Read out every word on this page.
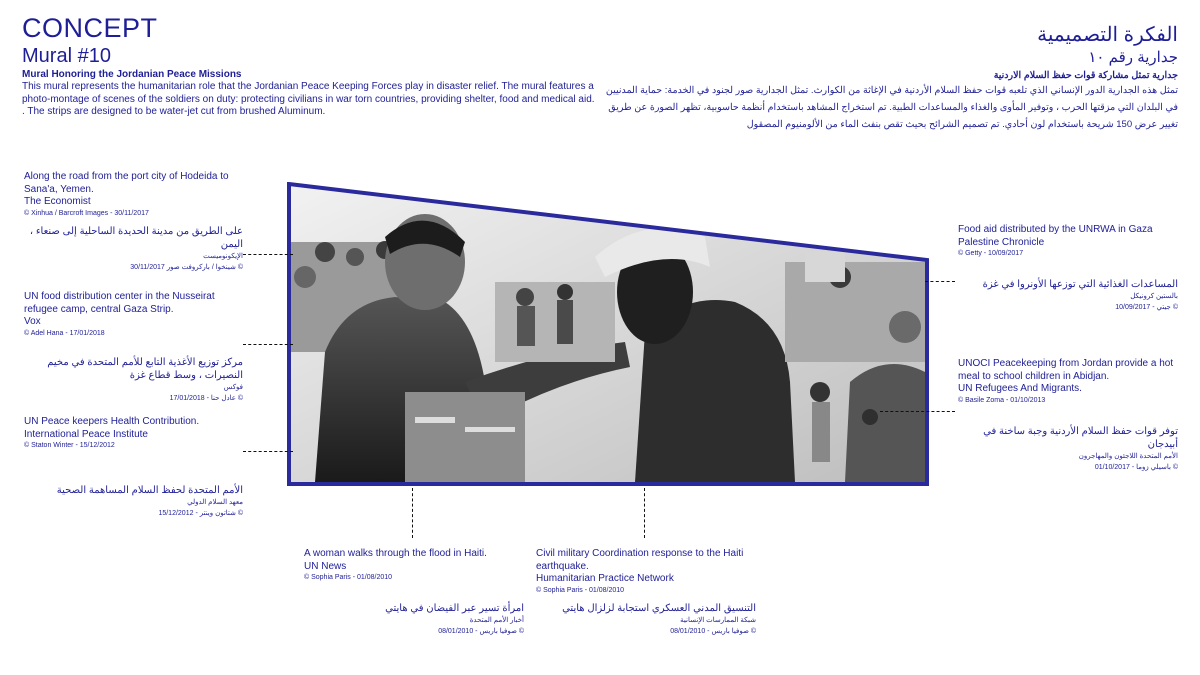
CONCEPT
Mural #10
Mural Honoring the Jordanian Peace Missions
This mural represents the humanitarian role that the Jordanian Peace Keeping Forces play in disaster relief. The mural features a photo-montage of scenes of the soldiers on duty: protecting civilians in war torn countries, providing shelter, food and medical aid. . The strips are designed to be water-jet cut from brushed Aluminum.
الفكرة التصميمية
جدارية رقم ١٠
جدارية تمثل مشاركة قوات حفظ السلام الاردنية
تمثل هذه الجدارية الدور الإنساني الذي تلعبه قوات حفظ السلام الأردنية في الإغاثة من الكوارث. تمثل الجدارية صور لجنود في الخدمة: حماية المدنيين في البلدان التي مزقتها الحرب ، وتوفير المأوى والغذاء والمساعدات الطبية. تم استخراج المشاهد باستخدام أنظمة حاسوبية، تظهر الصورة عن طريق تغيير عرض 150 شريحة باستخدام لون أحادي. تم تصميم الشرائح بحيث تقص بنفث الماء من الألومنيوم المصقول
Along the road from the port city of Hodeida to Sana'a, Yemen.
The Economist
© Xinhua / Barcroft Images - 30/11/2017
على الطريق من مدينة الحديدة الساحلية إلى صنعاء ، اليمن
الإيكونوميست
© شينخوا / باركروفت صور 30/11/2017
UN food distribution center in the Nusseirat refugee camp, central Gaza Strip.
Vox
© Adel Hana - 17/01/2018
مركز توزيع الأغذية التابع للأمم المتحدة في مخيم النصيرات ، وسط قطاع غزة
فوكس
© عادل حنا - 17/01/2018
UN Peace keepers Health Contribution.
International Peace Institute
© Staton Winter - 15/12/2012
الأمم المتحدة لحفظ السلام المساهمة الصحية
معهد السلام الدولي
© شتاتون وينتر - 15/12/2012
Food aid distributed by the UNRWA in Gaza
Palestine Chronicle
© Getty - 10/09/2017
المساعدات الغذائية التي توزعها الأونروا في غزة
بالستين كرونيكل
© جيتي - 10/09/2017
UNOCI Peacekeeping from Jordan provide a hot meal to school children in Abidjan.
UN Refugees And Migrants.
© Basile Zoma - 01/10/2013
توفر قوات حفظ السلام الأردنية وجبة ساخنة في أبيدجان
الأمم المتحدة اللاجئون والمهاجرون
© باسيلي زوما - 01/10/2017
A woman walks through the flood in Haiti.
UN News
© Sophia Paris - 01/08/2010
امرأة تسير عبر الفيضان في هايتي
أخبار الأمم المتحدة
© صوفيا باريس - 08/01/2010
Civil military Coordination response to the Haiti earthquake.
Humanitarian Practice Network
© Sophia Paris - 01/08/2010
التنسيق المدني العسكري استجابة لزلزال هايتي
شبكة الممارسات الإنسانية
© صوفيا باريس - 08/01/2010
